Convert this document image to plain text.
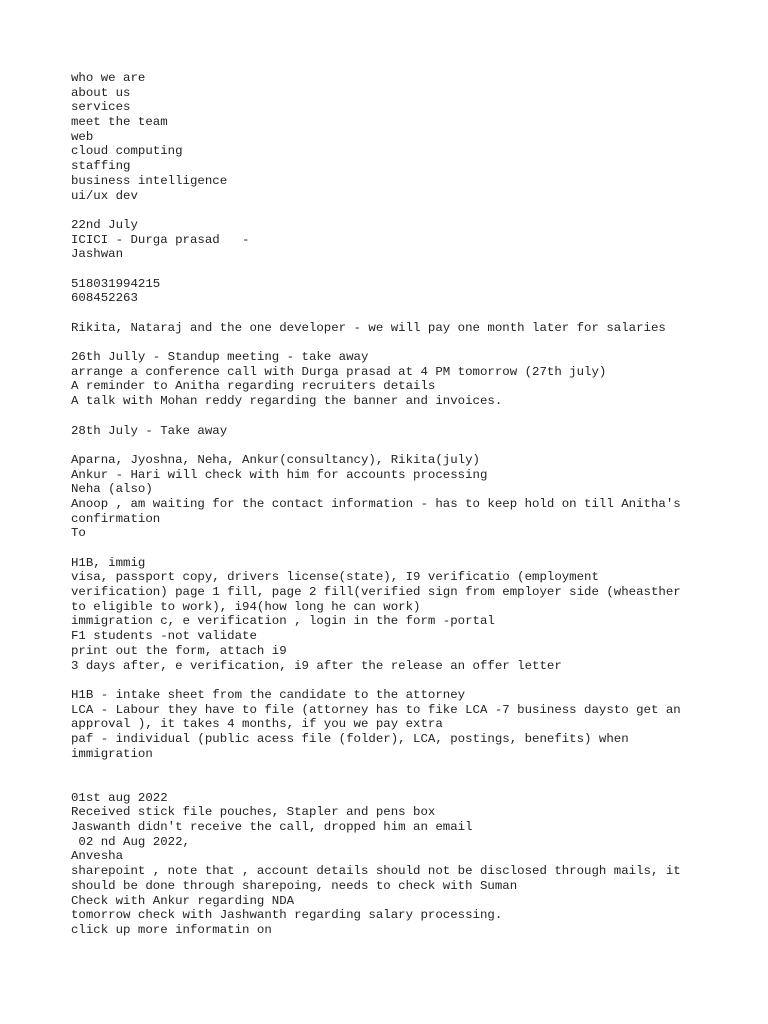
who we are
about us
services
meet the team
web
cloud computing
staffing
business intelligence
ui/ux dev
22nd July
ICICI - Durga prasad   -
Jashwan
518031994215
608452263
Rikita, Nataraj and the one developer - we will pay one month later for salaries
26th Jully - Standup meeting - take away
arrange a conference call with Durga prasad at 4 PM tomorrow (27th july)
A reminder to Anitha regarding recruiters details
A talk with Mohan reddy regarding the banner and invoices.
28th July - Take away
Aparna, Jyoshna, Neha, Ankur(consultancy), Rikita(july)
Ankur - Hari will check with him for accounts processing
Neha (also)
Anoop , am waiting for the contact information - has to keep hold on till Anitha's
confirmation
To
H1B, immig
visa, passport copy, drivers license(state), I9 verificatio (employment
verification) page 1 fill, page 2 fill(verified sign from employer side (wheasther
to eligible to work), i94(how long he can work)
immigration c, e verification , login in the form -portal
F1 students -not validate
print out the form, attach i9
3 days after, e verification, i9 after the release an offer letter
H1B - intake sheet from the candidate to the attorney
LCA - Labour they have to file (attorney has to fike LCA -7 business daysto get an
approval ), it takes 4 months, if you we pay extra
paf - individual (public acess file (folder), LCA, postings, benefits) when
immigration
01st aug 2022
Received stick file pouches, Stapler and pens box
Jaswanth didn't receive the call, dropped him an email
02 nd Aug 2022,
Anvesha
sharepoint , note that , account details should not be disclosed through mails, it
should be done through sharepoing, needs to check with Suman
Check with Ankur regarding NDA
tomorrow check with Jashwanth regarding salary processing.
click up more informatin on
